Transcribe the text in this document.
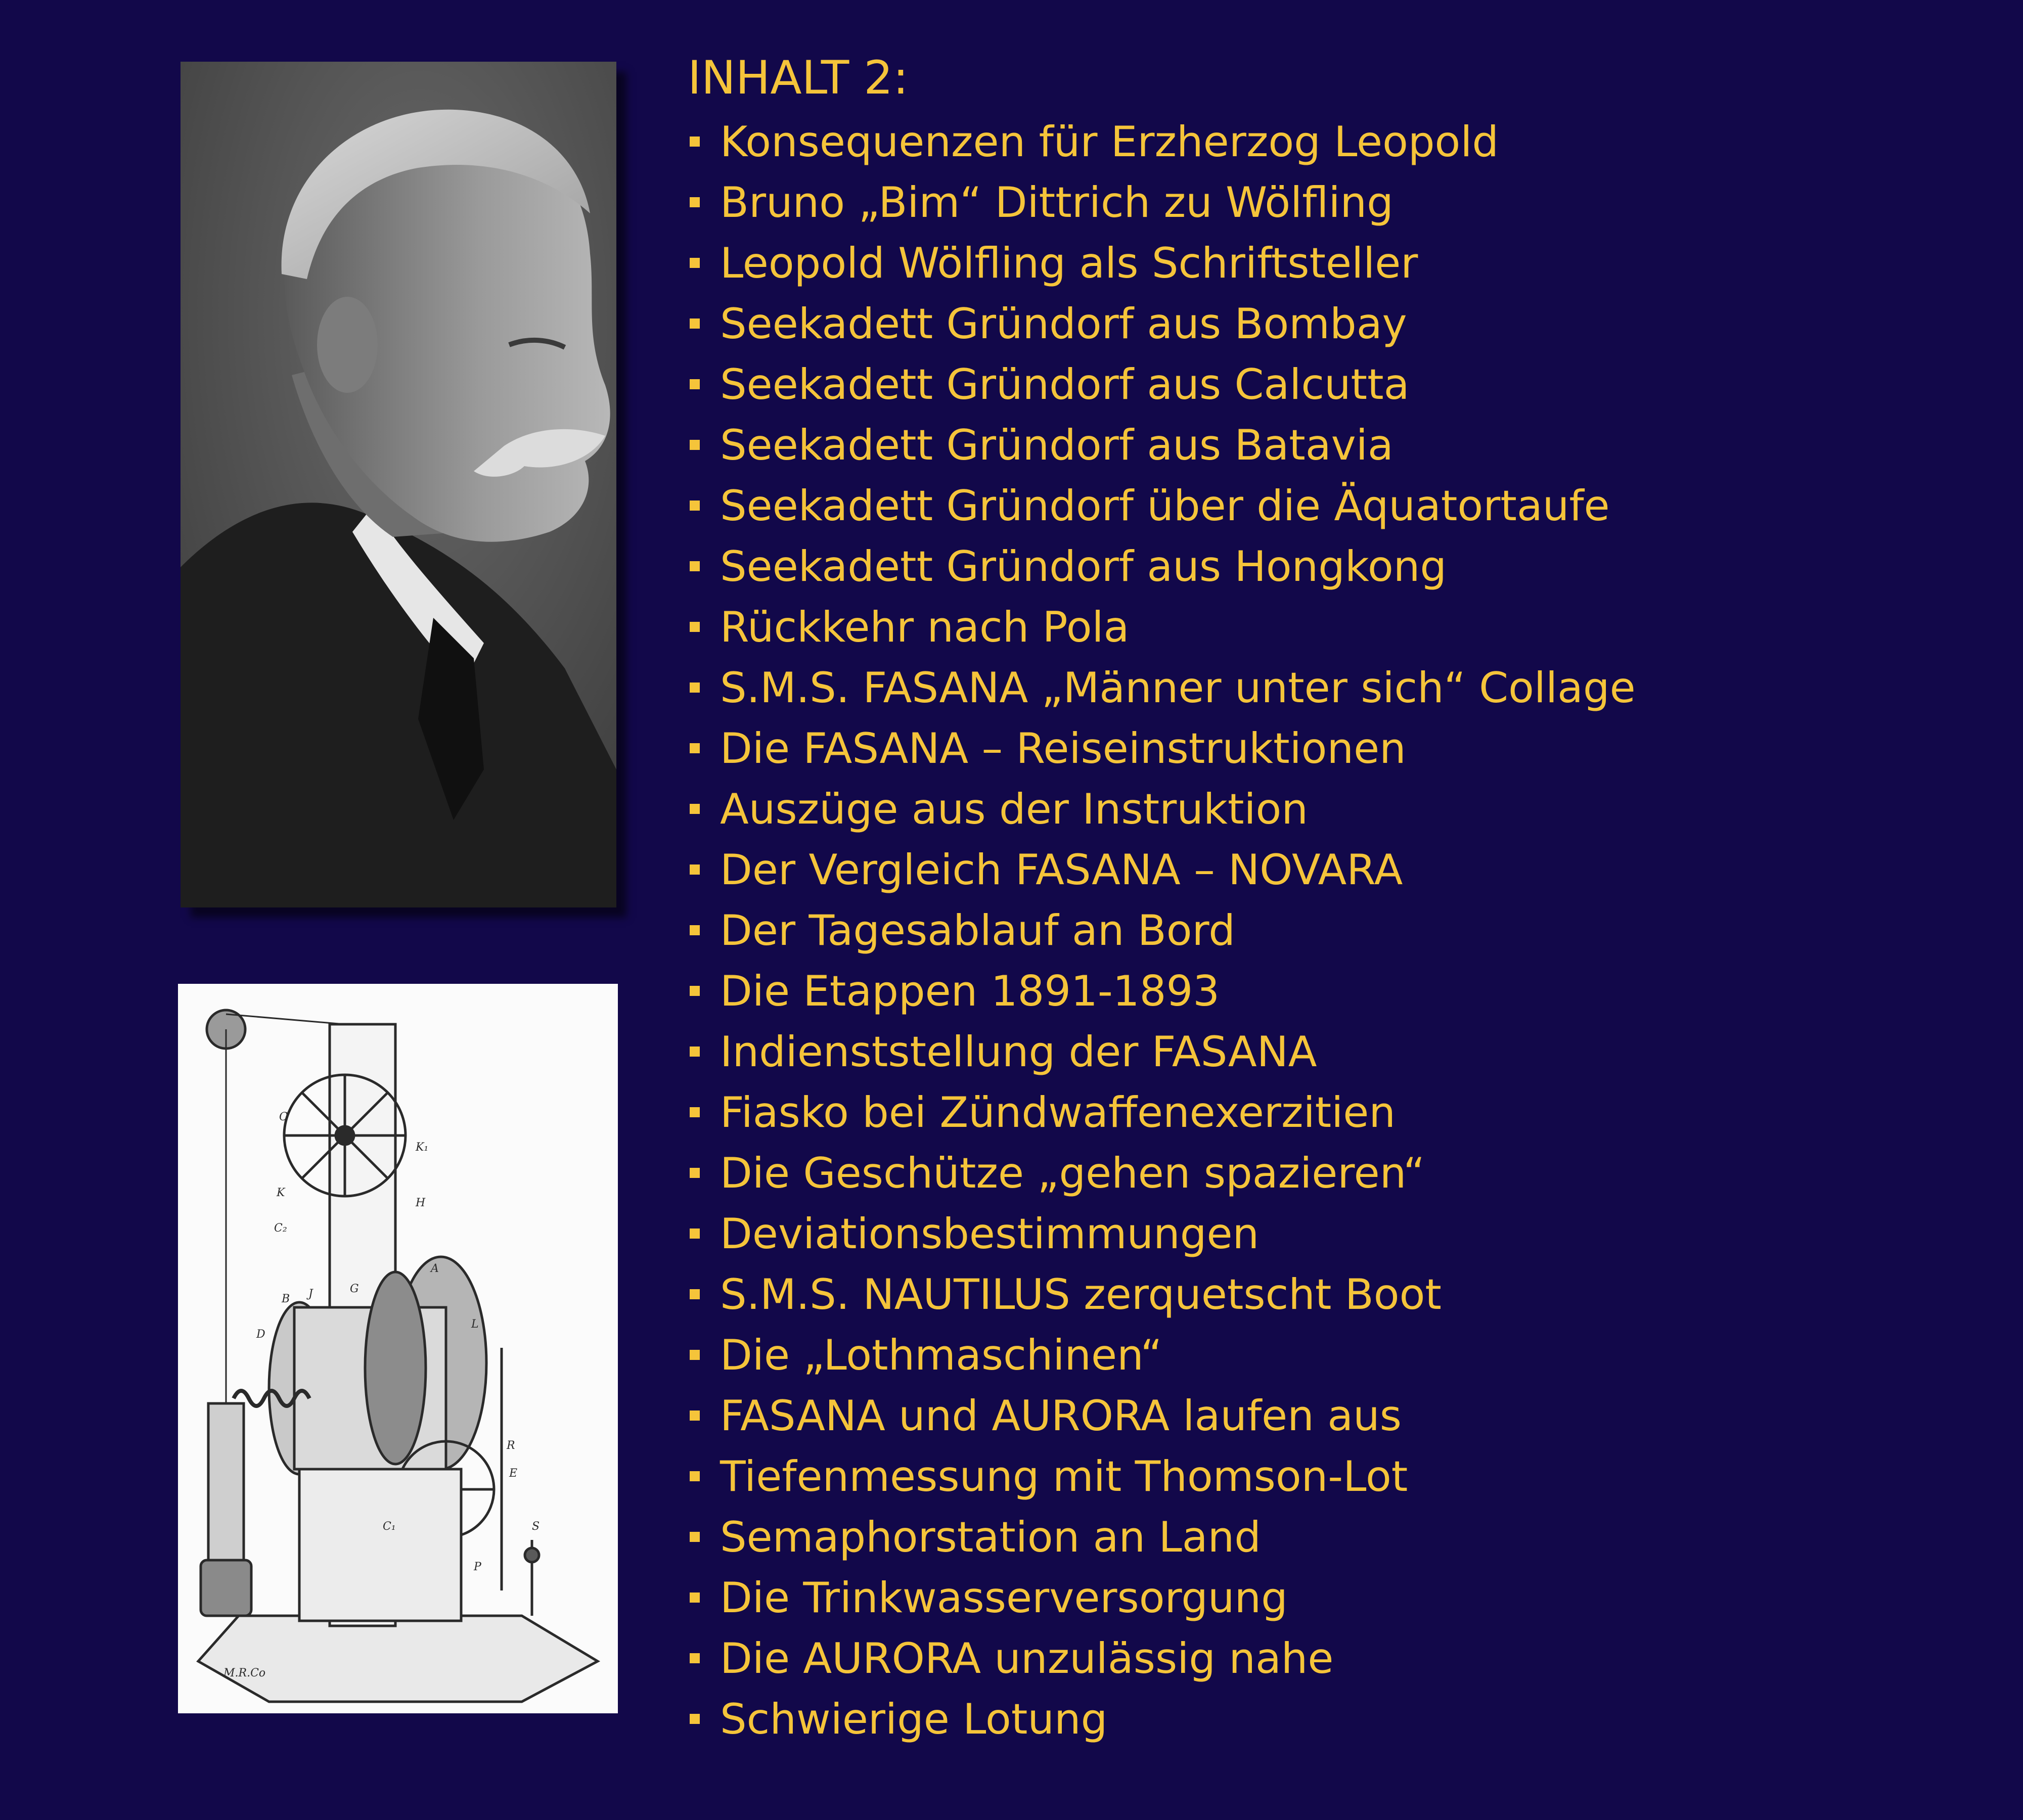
C
K₁
K
H
C₂
A
B J	G
L
D
R
E
C₁	S
P
M.R.Co
INHALT 2:
Konsequenzen für Erzherzog Leopold
Bruno „Bim“ Dittrich zu Wölfling
Leopold Wölfling als Schriftsteller
Seekadett Gründorf aus Bombay
Seekadett Gründorf aus Calcutta
Seekadett Gründorf aus Batavia
Seekadett Gründorf über die Äquatortaufe
Seekadett Gründorf aus Hongkong
Rückkehr nach Pola
S.M.S. FASANA „Männer unter sich“ Collage
Die FASANA – Reiseinstruktionen
Auszüge aus der Instruktion
Der Vergleich FASANA – NOVARA
Der Tagesablauf an Bord
Die Etappen 1891-1893
Indienststellung der FASANA
Fiasko bei Zündwaffenexerzitien
Die Geschütze „gehen spazieren“
Deviationsbestimmungen
S.M.S. NAUTILUS zerquetscht Boot
Die „Lothmaschinen“
FASANA und AURORA laufen aus
Tiefenmessung mit Thomson-Lot
Semaphorstation an Land
Die Trinkwasserversorgung
Die AURORA unzulässig nahe
Schwierige Lotung
